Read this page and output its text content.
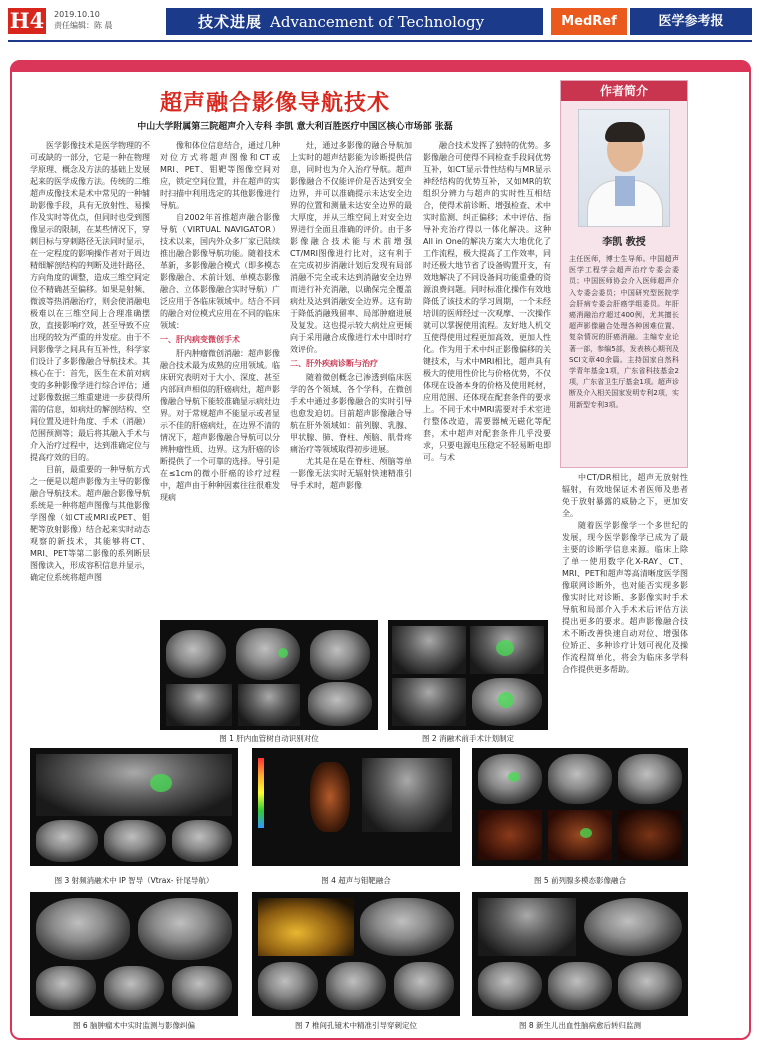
H4 2019.10.10
责任编辑：陈 晨	技术进展 Advancement of Technology	MedRef	医学参考报
超声融合影像导航技术
中山大学附属第三院超声介入专科 李凯 意大利百胜医疗中国区核心市场部 张磊
作者简介
李凯 教授
主任医师，博士生导师。中国超声医学工程学会超声治疗专委会委员；中国医师协会介入医师超声介入专委会委员；中国研究型医院学会肝病专委会肝癌学组委员。年肝癌消融治疗超过400例，尤其擅长超声影像融合处理各种困难位置、复杂情况的肝癌消融。主编专业论著一部，参编5部，发表核心期刊及SCI文章40余篇。主持国家自然科学青年基金1项，广东省科技基金2项，广东省卫生厅基金1项。超声诊断及介入相关国家发明专利2项，实用新型专利3项。

医学影像技术是医学物理的不可或缺的一部分，它是一种在物理学原理、概念及方法的基础上发展起来的医学成像方法。传统的二维超声成像技术是术中常见的一种辅助影像手段，具有无放射性、易操作及实时等优点，但同时也受到图像显示的限制，在某些情况下，穿刺目标与穿刺路径无法同时显示，在一定程度的影响操作者对于周边精细解剖结构的判断及进针路径、方向角度的调整，造成三维空间定位不精确甚至偏移。如果是射频、微波等热消融治疗，则会使消融电极难以在三维空间上合理准确摆放，直接影响疗效，甚至导致不应出现的较为严重的并发症。由于不同影像学之间具有互补性，科学家们设计了多影像融合导航技术。其核心在于：首先，医生在术前对病变的多种影像学进行综合评估；通过影像数据三维重建进一步获得所需的信息，如病灶的解剖结构、空间位置及进针角度、手术（消融）范围预测等；最后将其融入手术与介入治疗过程中，达到准确定位与提高疗效的目的。

目前，最重要的一种导航方式之一便是以超声影像为主导的影像融合导航技术。超声融合影像导航系统是一种将超声图像与其他影像学图像（如CT或MRI或PET、钼靶等放射影像）结合起来实时动态观察的新技术，其能够将CT、MRI、PET等第二影像的系列断层图像读入，形成容积信息并显示，确定位系统将超声图

像和体位信息结合，通过几种对位方式将超声图像和CT或MRI、PET、钼靶等图像空间对应，锁定空间位置，并在超声的实时扫描中利用选定的其他影像进行导航。

自2002年首推超声融合影像导航（VIRTUAL NAVIGATOR）技术以来，国内外众多厂家已陆续推出融合影像导航功能。随着技术革新，多影像融合模式（即多模态影像融合、术前计划、单模态影像融合、立体影像融合实时导航）广泛应用于各临床领域中。结合不同的融合对位模式应用在不同的临床领域：

一、肝内病变微创手术

肝内肿瘤微创消融：超声影像融合技术最为成熟的应用领域。临床研究表明对于大小、深度、甚至内部回声相似的肝癌病灶，超声影像融合导航下能较准确显示病灶边界。对于常规超声不能显示或者显示不佳的肝癌病灶，在边界不清的情况下，超声影像融合导航可以分辨肿瘤性质、边界。这为肝癌的诊断提供了一个可靠的选择。导引是在≤1cm的微小肝癌的诊疗过程中，超声由于种种因素往往很难发现病

灶，通过多影像的融合导航加上实时的超声结影能为诊断提供信息，同时也为介入治疗导航。超声影像融合不仅能评价是否达到安全边界，并可以准确提示未达安全边界的位置和测量未达安全边界的最大厚度，并从三维空间上对安全边界进行全面且准确的评价。由于多影像融合技术能与术前增强CT/MRI图像进行比对，这有利于在完成初步消融计划后发现有局部消融不完全或未达到消融安全边界而进行补充消融，以确保完全覆盖病灶及达到消融安全边界。这有助于降低消融残留率、局部肿瘤进展及复发。这也提示较大病灶应更倾向于采用融合成像进行术中即时疗效评价。

二、肝外疾病诊断与治疗

随着微创概念已渗透到临床医学的各个领域、各个学科，在微创手术中通过多影像融合的实时引导也愈发迫切。目前超声影像融合导航在肝外领域如：前列腺、乳腺、甲状腺、肺、脊柱、颅脑、肌骨疼痛治疗等领域取得初步进展。

尤其是在是在脊柱、颅脑等单一影像无法实时无辐射快速精准引导手术时，超声影像

融合技术发挥了独特的优势。多影像融合可使得不同检查手段间优势互补，如CT显示骨性结构与MR显示神经结构的优势互补，又如MR的软组织分辨力与超声的实时性互相结合，使得术前诊断、增强检查、术中实时监测、纠正偏移；术中评估、指导补充治疗得以一体化解决。这种All in One的解决方案大大地优化了工作流程，极大提高了工作效率，同时还极大地节省了设备购置开支，有效地解决了不同设备间功能重叠的资源浪费问题。同时标准化操作有效地降低了该技术的学习周期，一个未经培训的医师经过一次观摩、一次操作就可以掌握使用流程。友好地人机交互使得使用过程更加高效、更加人性化。作为用于术中纠正影像偏移的关键技术，与术中MRI相比，超声具有极大的使用性价比与价格优势，不仅体现在设备本身的价格及使用耗材，应用范围、还体现在配套条件的要求上。不同于术中MRI需要对手术室进行整体改造，需要器械无磁化等配套，术中超声对配套条件几乎没要求，只要电源电压稳定不轻易断电即可。与术

中CT/DR相比，超声无放射性辐射，有效地保证术者医师及患者免于放射暴露的威胁之下，更加安全。

随着医学影像学一个多世纪的发展，现今医学影像学已成为了最主要的诊断学信息来源。临床上除了单一使用数字化X-RAY、CT、MRI、PET和超声等高清晰度医学图像联网诊断外，也对能否实现多影像实时比对诊断、多影像实时手术导航和局部介入手术术后评估方法提出更多的要求。超声影像融合技术不断改善快速自动对位、增强体位矫正、多种诊疗计划可视化及操作流程简单化，将会为临床多学科合作提供更多帮助。

图 1 肝内血管树自动识别对位	图 2 消融术前手术计划制定
图 3 射频消融术中 IP 智导（Vtrax- 针尾导航）	图 4 超声与钼靶融合	图 5 前列腺多模态影像融合
图 6 脑肿瘤术中实时监测与影像纠偏	图 7 椎间孔镜术中精准引导穿刺定位	图 8 新生儿出血性脑病愈后转归监测
